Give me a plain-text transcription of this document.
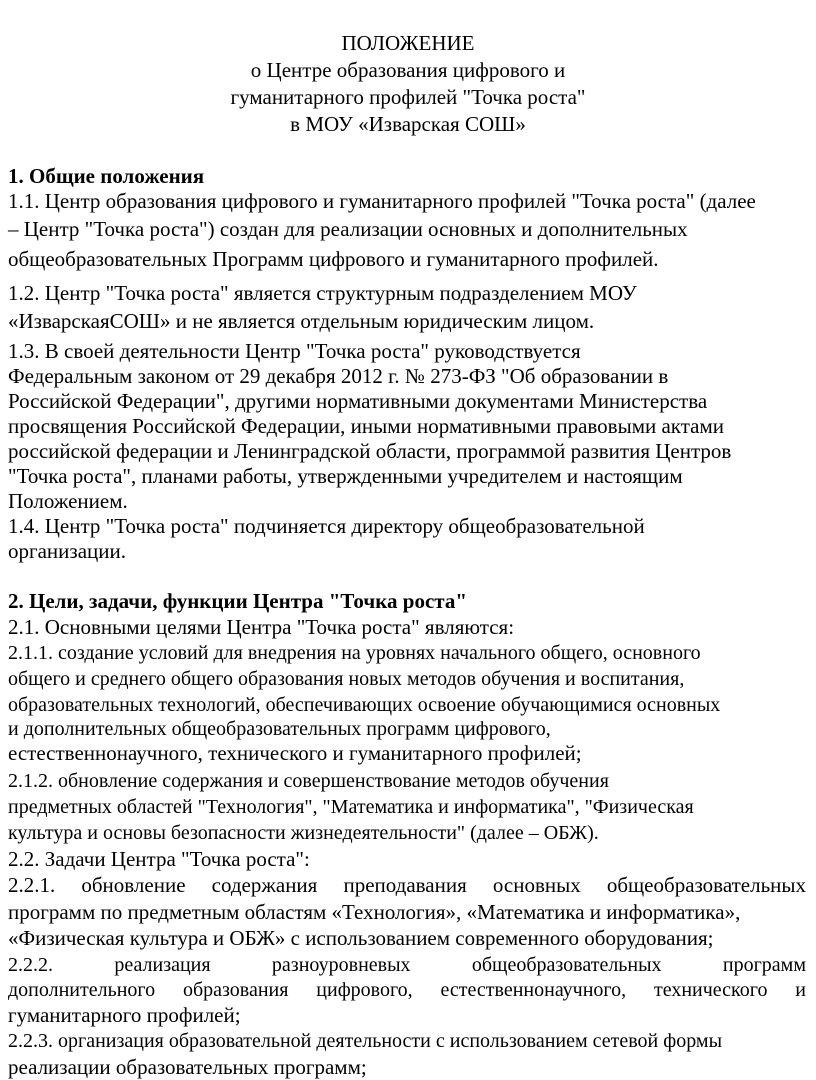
ПОЛОЖЕНИЕ
о Центре образования цифрового и
гуманитарного профилей "Точка роста"
в МОУ «Изварская СОШ»
1. Общие положения
1.1. Центр образования цифрового и гуманитарного профилей "Точка роста" (далее
– Центр "Точка роста") создан для реализации основных и дополнительных
общеобразовательных Программ цифрового и гуманитарного профилей.
1.2. Центр "Точка роста" является структурным подразделением МОУ
«ИзварскаяСОШ» и не является отдельным юридическим лицом.
1.3. В своей деятельности Центр "Точка роста" руководствуется
Федеральным законом от 29 декабря 2012 г. № 273-ФЗ "Об образовании в
Российской Федерации", другими нормативными документами Министерства
просвящения Российской Федерации, иными нормативными правовыми актами
российской федерации и Ленинградской области, программой развития Центров
"Точка роста", планами работы, утвержденными учредителем и настоящим
Положением.
1.4. Центр "Точка роста" подчиняется директору общеобразовательной
организации.
2. Цели, задачи, функции Центра "Точка роста"
2.1. Основными целями Центра "Точка роста" являются:
2.1.1. создание условий для внедрения на уровнях начального общего, основного
общего и среднего общего образования новых методов обучения и воспитания,
образовательных технологий, обеспечивающих освоение обучающимися основных
и дополнительных общеобразовательных программ цифрового,
естественнонаучного, технического и гуманитарного профилей;
2.1.2. обновление содержания и совершенствование методов обучения
предметных областей "Технология", "Математика и информатика", "Физическая
культура и основы безопасности жизнедеятельности" (далее – ОБЖ).
2.2. Задачи Центра "Точка роста":
2.2.1. обновление содержания преподавания основных общеобразовательных
программ по предметным областям «Технология», «Математика и информатика»,
«Физическая культура и ОБЖ» с использованием современного оборудования;
2.2.2. реализация разноуровневых общеобразовательных программ
дополнительного образования цифрового, естественнонаучного, технического и
гуманитарного профилей;
2.2.3. организация образовательной деятельности с использованием сетевой формы
реализации образовательных программ;
